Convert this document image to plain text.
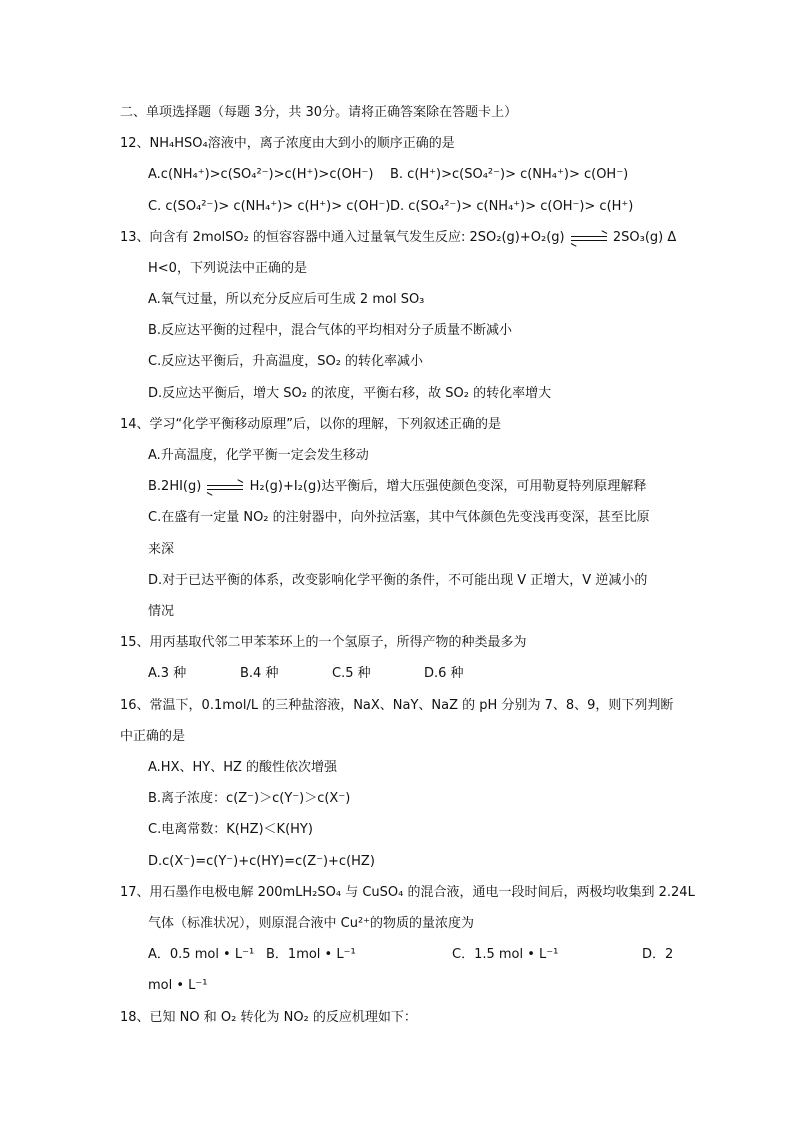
二、单项选择题（每题 3分，共 30分。请将正确答案除在答题卡上）
12、NH₄HSO₄溶液中，离子浓度由大到小的顺序正确的是
A.c(NH₄⁺)>c(SO₄²⁻)>c(H⁺)>c(OH⁻) B. c(H⁺)>c(SO₄²⁻)> c(NH₄⁺)> c(OH⁻)
C. c(SO₄²⁻)> c(NH₄⁺)> c(H⁺)> c(OH⁻) D. c(SO₄²⁻)> c(NH₄⁺)> c(OH⁻)> c(H⁺)
13、向含有 2molSO₂ 的恒容容器中通入过量氧气发生反应: 2SO₂(g)+O₂(g)	2SO₃(g) Δ
H<0，下列说法中正确的是
A.氧气过量，所以充分反应后可生成 2 mol SO₃
B.反应达平衡的过程中，混合气体的平均相对分子质量不断减小
C.反应达平衡后，升高温度，SO₂ 的转化率减小
D.反应达平衡后，增大 SO₂ 的浓度，平衡右移，故 SO₂ 的转化率增大
14、学习“化学平衡移动原理”后，以你的理解，下列叙述正确的是
A.升高温度，化学平衡一定会发生移动
B.2HI(g)	H₂(g)+I₂(g)达平衡后，增大压强使颜色变深，可用勒夏特列原理解释
C.在盛有一定量 NO₂ 的注射器中，向外拉活塞，其中气体颜色先变浅再变深，甚至比原
来深
D.对于已达平衡的体系，改变影响化学平衡的条件，不可能出现 V 正增大，V 逆减小的
情况
15、用丙基取代邻二甲苯苯环上的一个氢原子，所得产物的种类最多为
A.3 种	B.4 种	C.5 种	D.6 种
16、常温下，0.1mol/L 的三种盐溶液，NaX、NaY、NaZ 的 pH 分别为 7、8、9，则下列判断
中正确的是
A.HX、HY、HZ 的酸性依次增强
B.离子浓度：c(Z⁻)＞c(Y⁻)＞c(X⁻)
C.电离常数：K(HZ)＜K(HY)
D.c(X⁻)=c(Y⁻)+c(HY)=c(Z⁻)+c(HZ)
17、用石墨作电极电解 200mLH₂SO₄ 与 CuSO₄ 的混合液，通电一段时间后，两极均收集到 2.24L
气体（标准状况），则原混合液中 Cu²⁺的物质的量浓度为
A．0.5 mol • L⁻¹ B．1mol • L⁻¹	C．1.5 mol • L⁻¹	D．2
mol • L⁻¹
18、已知 NO 和 O₂ 转化为 NO₂ 的反应机理如下：
